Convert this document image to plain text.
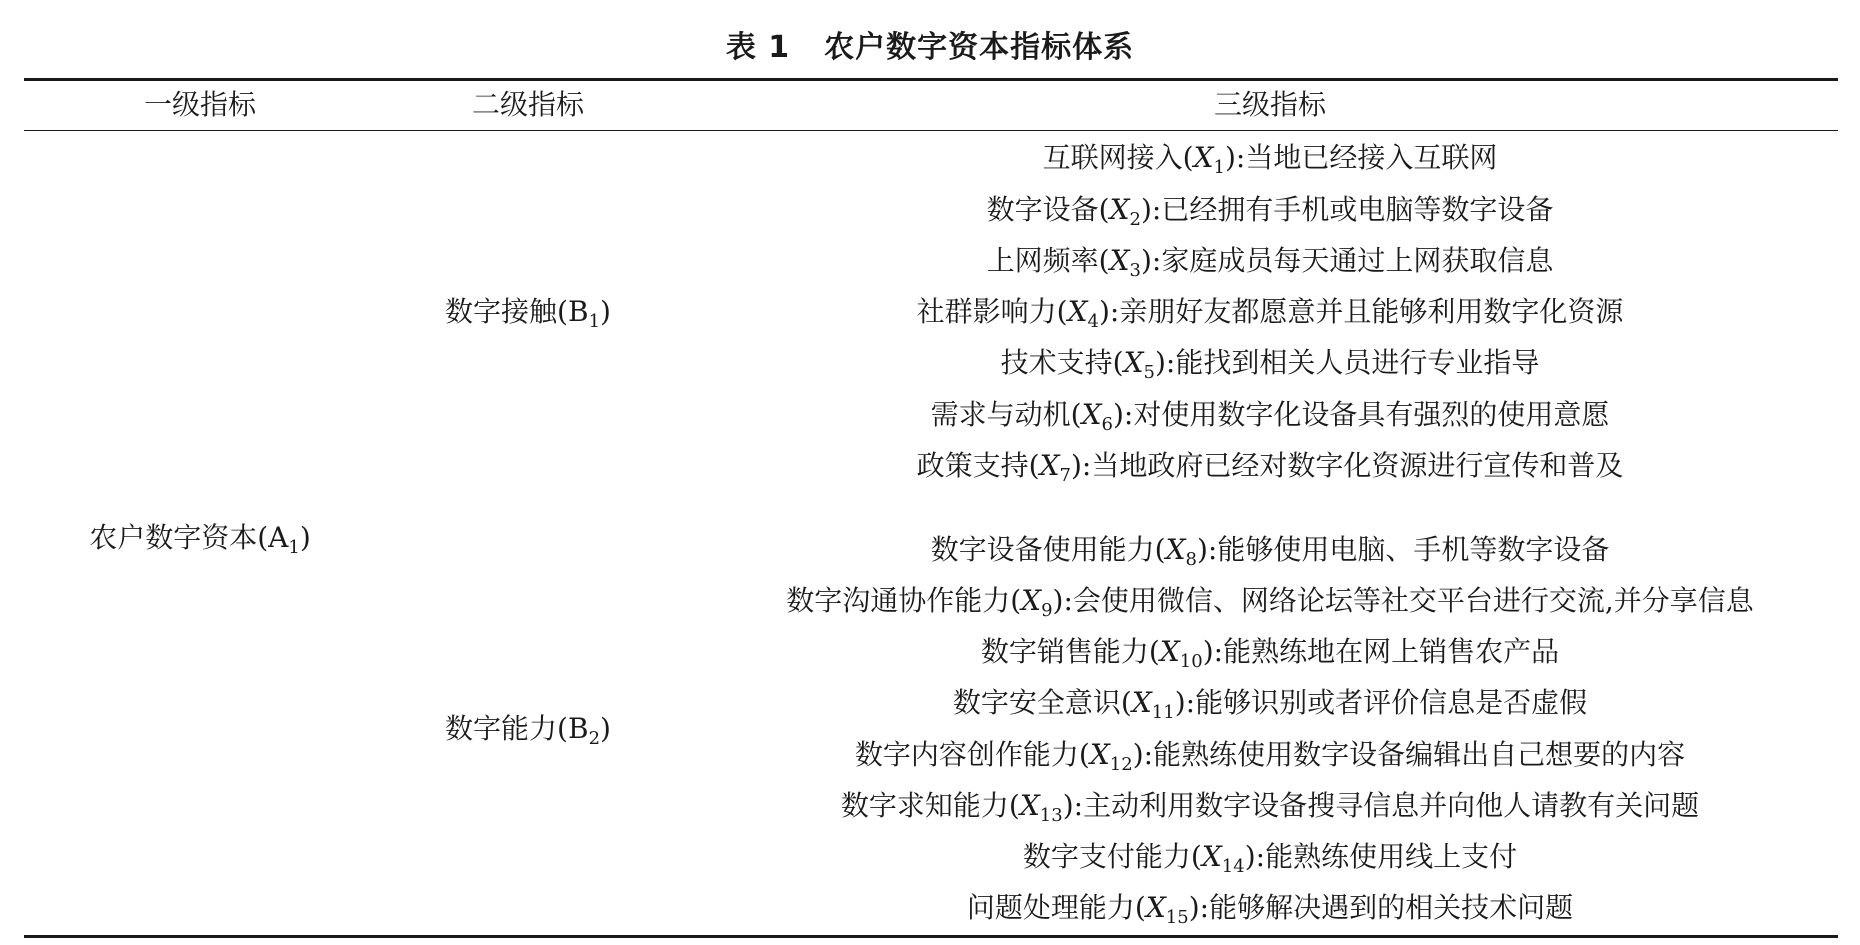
表 1 农户数字资本指标体系
一级指标	二级指标	三级指标
农户数字资本$(A_1)$
数字接触$(B_1)$
数字能力$(B_2)$
互联网接入$(X_1)$:当地已经接入互联网
数字设备$(X_2)$:已经拥有手机或电脑等数字设备
上网频率$(X_3)$:家庭成员每天通过上网获取信息
社群影响力$(X_4)$:亲朋好友都愿意并且能够利用数字化资源
技术支持$(X_5)$:能找到相关人员进行专业指导
需求与动机$(X_6)$:对使用数字化设备具有强烈的使用意愿
政策支持$(X_7)$:当地政府已经对数字化资源进行宣传和普及
数字设备使用能力$(X_8)$:能够使用电脑、手机等数字设备
数字沟通协作能力$(X_9)$:会使用微信、网络论坛等社交平台进行交流,并分享信息
数字销售能力$(X_{10})$:能熟练地在网上销售农产品
数字安全意识$(X_{11})$:能够识别或者评价信息是否虚假
数字内容创作能力$(X_{12})$:能熟练使用数字设备编辑出自己想要的内容
数字求知能力$(X_{13})$:主动利用数字设备搜寻信息并向他人请教有关问题
数字支付能力$(X_{14})$:能熟练使用线上支付
问题处理能力$(X_{15})$:能够解决遇到的相关技术问题
